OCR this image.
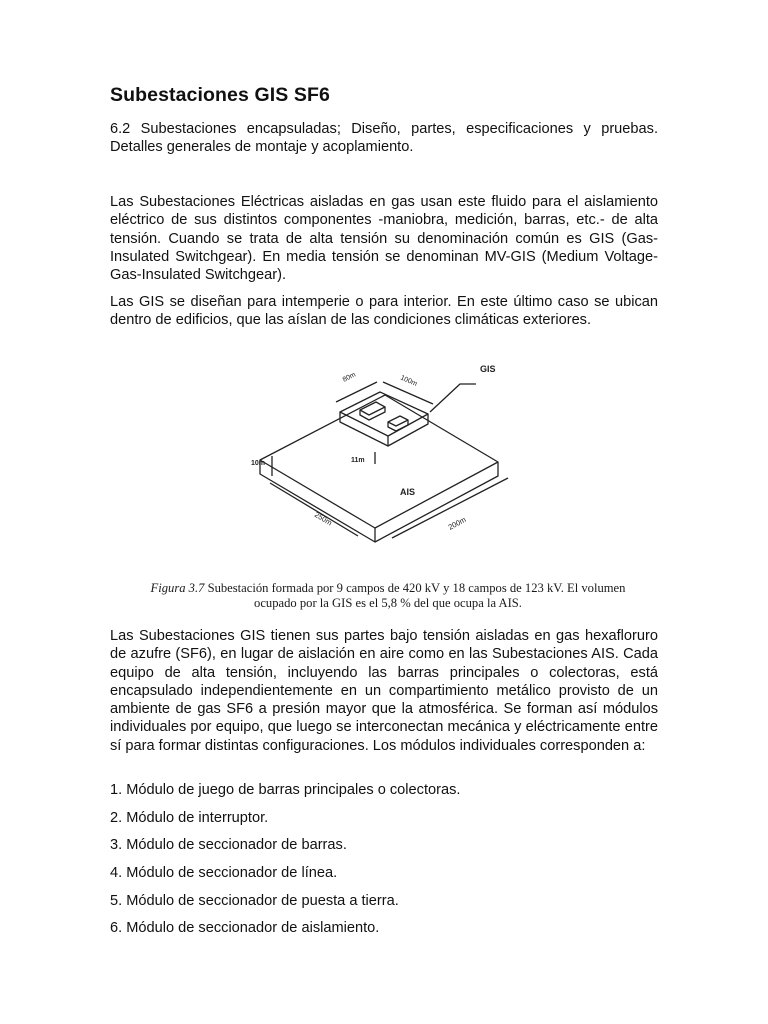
Subestaciones GIS SF6

6.2 Subestaciones encapsuladas; Diseño, partes, especificaciones y pruebas. Detalles generales de montaje y acoplamiento.

Las Subestaciones Eléctricas aisladas en gas usan este fluido para el aislamiento eléctrico de sus distintos componentes -maniobra, medición, barras, etc.- de alta tensión. Cuando se trata de alta tensión su denominación común es GIS (Gas-Insulated Switchgear). En media tensión se denominan MV-GIS (Medium Voltage-Gas-Insulated Switchgear).

Las GIS se diseñan para intemperie o para interior. En este último caso se ubican dentro de edificios, que las aíslan de las condiciones climáticas exteriores.

GIS
AIS
80m	100m
250m	200m
10m	11m
Figura 3.7 Subestación formada por 9 campos de 420 kV y 18 campos de 123 kV. El volumen
ocupado por la GIS es el 5,8 % del que ocupa la AIS.

Las Subestaciones GIS tienen sus partes bajo tensión aisladas en gas hexafloruro de azufre (SF6), en lugar de aislación en aire como en las Subestaciones AIS. Cada equipo de alta tensión, incluyendo las barras principales o colectoras, está encapsulado independientemente en un compartimiento metálico provisto de un ambiente de gas SF6 a presión mayor que la atmosférica. Se forman así módulos individuales por equipo, que luego se interconectan mecánica y eléctricamente entre sí para formar distintas configuraciones. Los módulos individuales corresponden a:

1. Módulo de juego de barras principales o colectoras.
2. Módulo de interruptor.
3. Módulo de seccionador de barras.
4. Módulo de seccionador de línea.
5. Módulo de seccionador de puesta a tierra.
6. Módulo de seccionador de aislamiento.
